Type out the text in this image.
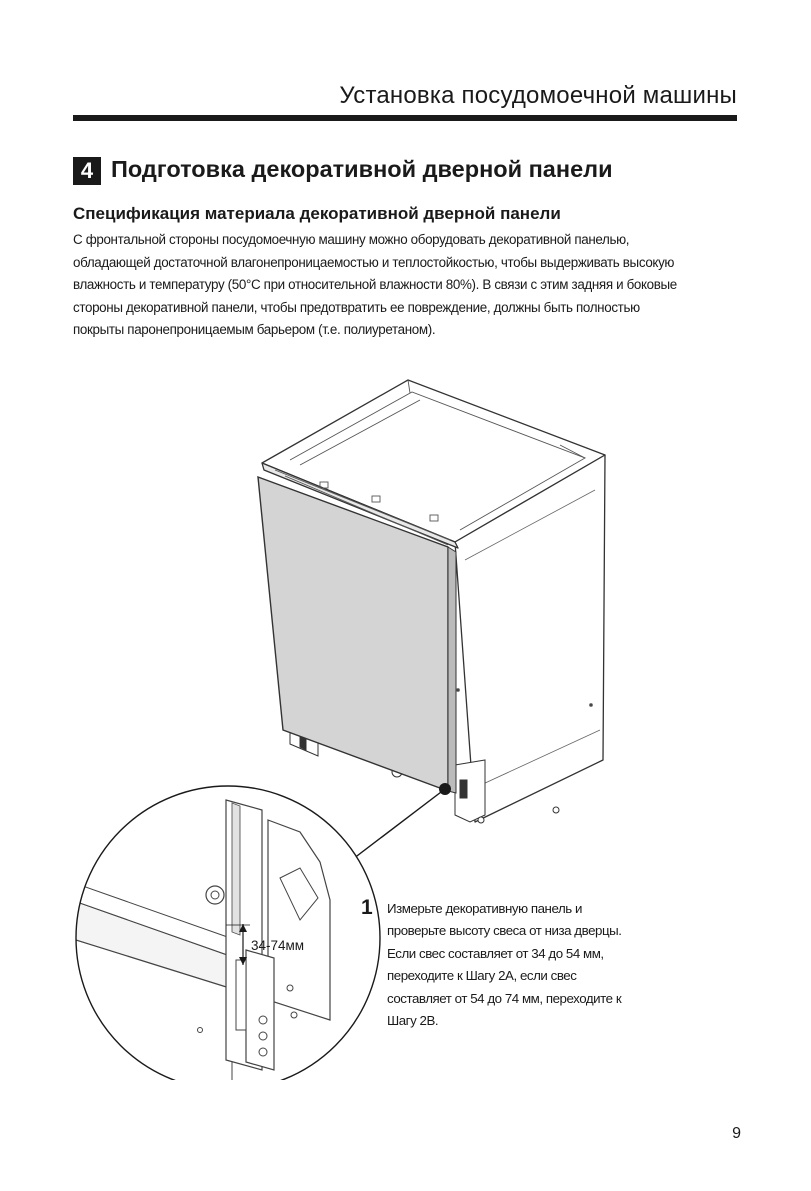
Установка посудомоечной машины
4 Подготовка декоративной дверной панели
Спецификация материала декоративной дверной панели

С фронтальной стороны посудомоечную машину можно оборудовать декоративной панелью,
обладающей достаточной влагонепроницаемостью и теплостойкостью, чтобы выдерживать высокую
влажность и температуру (50°С при относительной влажности 80%). В связи с этим задняя и боковые
стороны декоративной панели, чтобы предотвратить ее повреждение, должны быть полностью
покрыты паронепроницаемым барьером (т.е. полиуретаном).

34-74мм
1 Измерьте декоративную панель и
проверьте высоту свеса от низа дверцы.
Если свес составляет от 34 до 54 мм,
переходите к Шагу 2А, если свес
составляет от 54 до 74 мм, переходите к
Шагу 2В.

9
